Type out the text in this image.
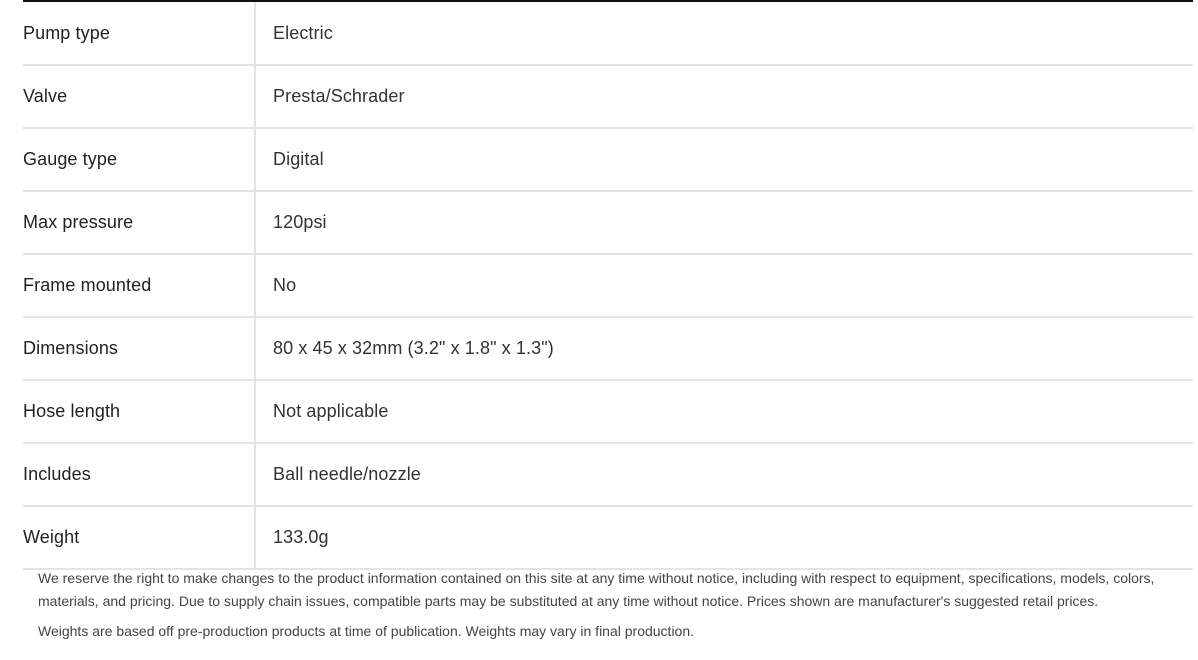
Pump type	Electric
Valve	Presta/Schrader
Gauge type	Digital
Max pressure	120psi
Frame mounted	No
Dimensions	80 x 45 x 32mm (3.2" x 1.8" x 1.3")
Hose length	Not applicable
Includes	Ball needle/nozzle
Weight	133.0g

We reserve the right to make changes to the product information contained on this site at any time without notice, including with respect to equipment, specifications, models, colors, materials, and pricing. Due to supply chain issues, compatible parts may be substituted at any time without notice. Prices shown are manufacturer's suggested retail prices.

Weights are based off pre-production products at time of publication. Weights may vary in final production.
